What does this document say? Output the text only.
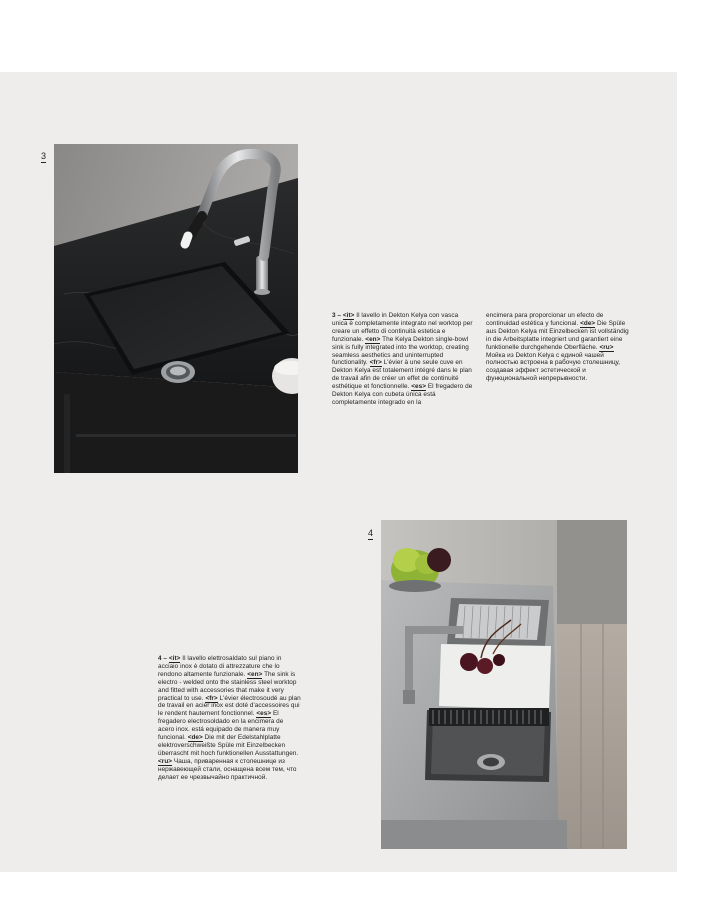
3
3 – <it> Il lavello in Dekton Kelya con vasca unica è completamente integrato nel worktop per creare un effetto di continuità estetica e funzionale. <en> The Kelya Dekton single-bowl sink is fully integrated into the worktop, creating seamless aesthetics and uninterrupted functionality. <fr> L'évier à une seule cuve en Dekton Kelya est totalement intégré dans le plan de travail afin de créer un effet de continuité esthétique et fonctionnelle. <es> El fregadero de Dekton Kelya con cubeta única está completamente integrado en la
encimera para proporcionar un efecto de continuidad estética y funcional. <de> Die Spüle aus Dekton Kelya mit Einzelbecken ist vollständig in die Arbeitsplatte integriert und garantiert eine funktionelle durchgehende Oberfläche. <ru> Мойка из Dekton Kelya с единой чашей полностью встроена в рабочую столешницу, создавая эффект эстетической и функциональной непрерывности.
4
4 – <it> Il lavello elettrosaldato sul piano in acciaio inox è dotato di attrezzature che lo rendono altamente funzionale. <en> The sink is electro - welded onto the stainless steel worktop and fitted with accessories that make it very practical to use. <fr> L'évier électrosoudé au plan de travail en acier inox est doté d'accessoires qui le rendent hautement fonctionnel. <es> El fregadero electrosoldado en la encimera de acero inox. está equipado de manera muy funcional. <de> Die mit der Edelstahlplatte elektroverschweißte Spüle mit Einzelbecken überrascht mit hoch funktionellen Ausstattungen. <ru> Чаша, приваренная к столешнице из нержавеющей стали, оснащена всем тем, что делает ее чрезвычайно практичной.
